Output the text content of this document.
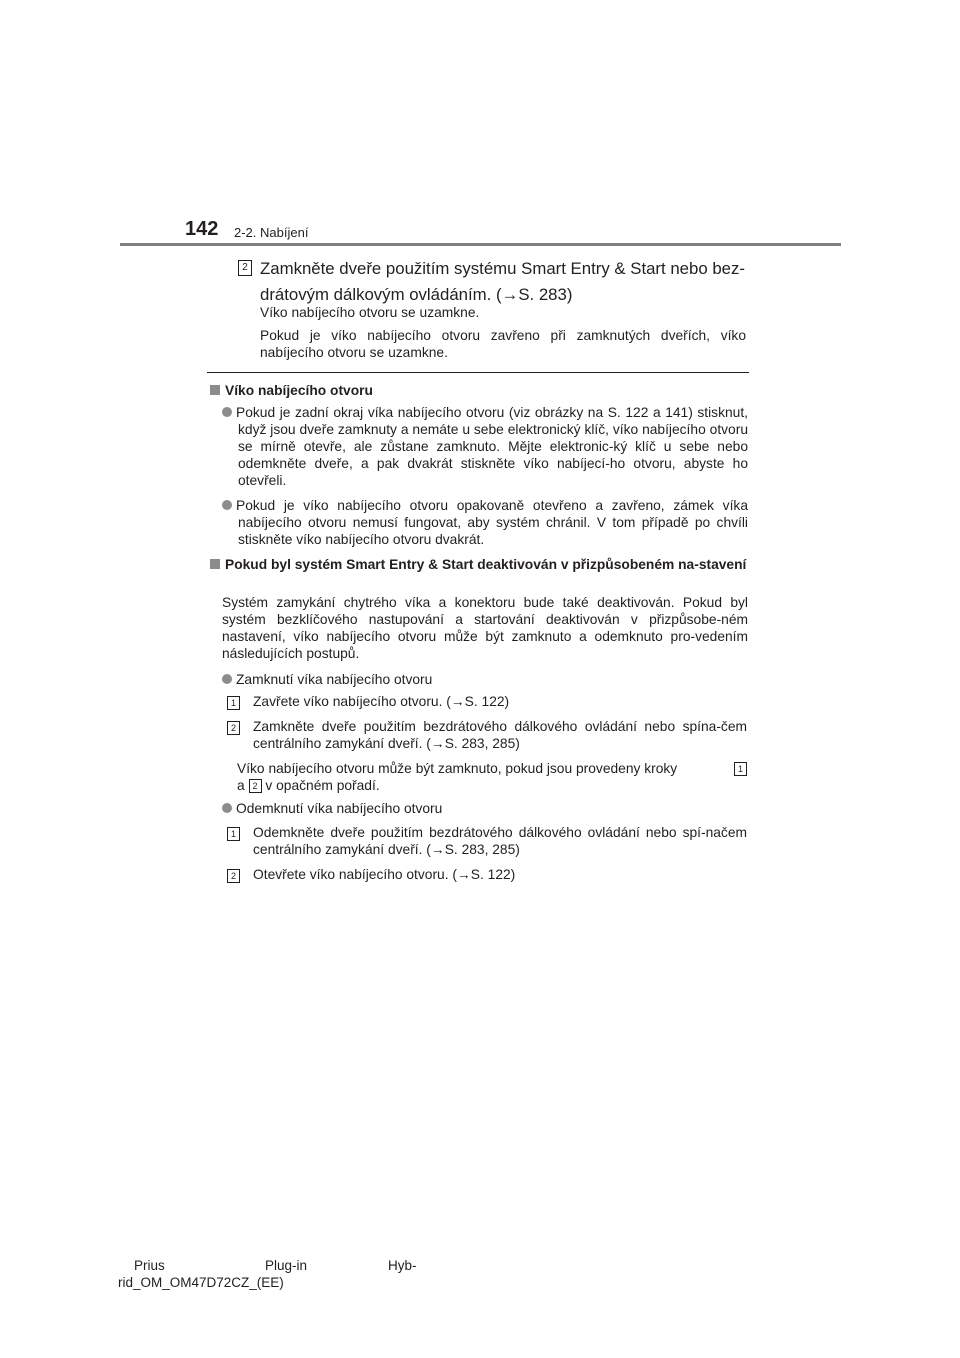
142 2-2. Nabíjení
2 Zamkněte dveře použitím systému Smart Entry & Start nebo bez-drátovým dálkovým ovládáním. (→S. 283)
Víko nabíjecího otvoru se uzamkne.
Pokud je víko nabíjecího otvoru zavřeno při zamknutých dveřích, víko nabíjecího otvoru se uzamkne.
Víko nabíjecího otvoru
Pokud je zadní okraj víka nabíjecího otvoru (viz obrázky na S. 122 a 141) stisknut, když jsou dveře zamknuty a nemáte u sebe elektronický klíč, víko nabíjecího otvoru se mírně otevře, ale zůstane zamknuto. Mějte elektronic-ký klíč u sebe nebo odemkněte dveře, a pak dvakrát stiskněte víko nabíjecí-ho otvoru, abyste ho otevřeli.
Pokud je víko nabíjecího otvoru opakovaně otevřeno a zavřeno, zámek víka nabíjecího otvoru nemusí fungovat, aby systém chránil. V tom případě po chvíli stiskněte víko nabíjecího otvoru dvakrát.
Pokud byl systém Smart Entry & Start deaktivován v přizpůsobeném na-stavení
Systém zamykání chytrého víka a konektoru bude také deaktivován. Pokud byl systém bezklíčového nastupování a startování deaktivován v přizpůsobe-ném nastavení, víko nabíjecího otvoru může být zamknuto a odemknuto pro-vedením následujících postupů.
Zamknutí víka nabíjecího otvoru
1	Zavřete víko nabíjecího otvoru. (→S. 122)
2	Zamkněte dveře použitím bezdrátového dálkového ovládání nebo spína-čem centrálního zamykání dveří. (→S. 283, 285)
Víko nabíjecího otvoru může být zamknuto, pokud jsou provedeny kroky	1
a 2 v opačném pořadí.
Odemknutí víka nabíjecího otvoru
1	Odemkněte dveře použitím bezdrátového dálkového ovládání nebo spí-načem centrálního zamykání dveří. (→S. 283, 285)
2	Otevřete víko nabíjecího otvoru. (→S. 122)
Prius	Plug-in	Hyb-
rid_OM_OM47D72CZ_(EE)
